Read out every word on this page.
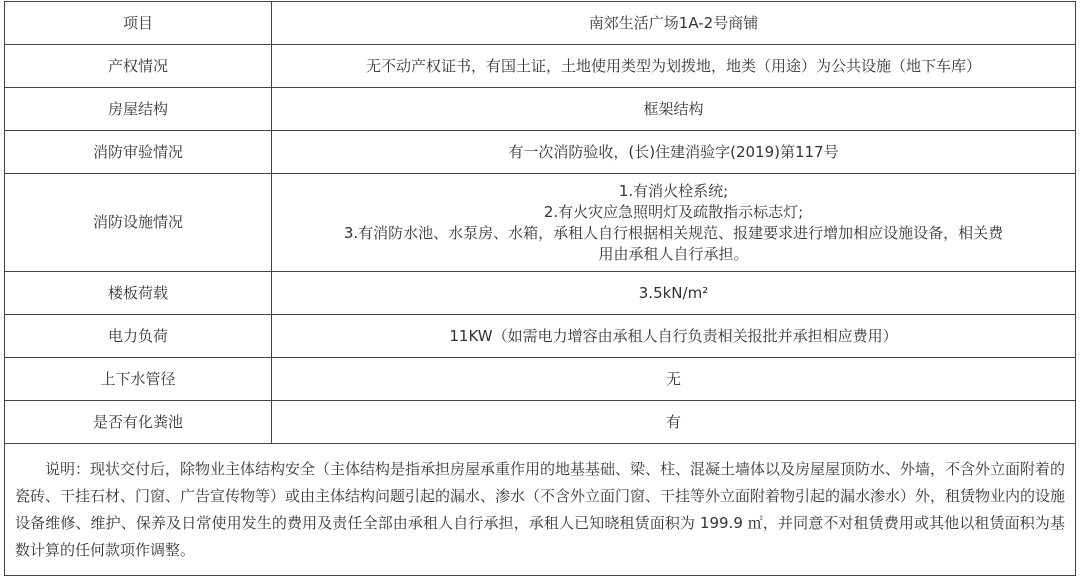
项目	南郊生活广场1A-2号商铺
产权情况	无不动产权证书，有国土证，土地使用类型为划拨地，地类（用途）为公共设施（地下车库）
房屋结构	框架结构
消防审验情况	有一次消防验收，(长)住建消验字(2019)第117号
消防设施情况	1.有消火栓系统;
2.有火灾应急照明灯及疏散指示标志灯;
3.有消防水池、水泵房、水箱，承租人自行根据相关规范、报建要求进行增加相应设施设备，相关费
用由承租人自行承担。

楼板荷载	3.5kN/m²
电力负荷	11KW（如需电力增容由承租人自行负责相关报批并承担相应费用）
上下水管径	无
是否有化粪池	有

说明：现状交付后，除物业主体结构安全（主体结构是指承担房屋承重作用的地基基础、梁、柱、混凝土墙体以及房屋屋顶防水、外墙，不含外立面附着的瓷砖、干挂石材、门窗、广告宣传物等）或由主体结构问题引起的漏水、渗水（不含外立面门窗、干挂等外立面附着物引起的漏水渗水）外，租赁物业内的设施设备维修、维护、保养及日常使用发生的费用及责任全部由承租人自行承担，承租人已知晓租赁面积为 199.9 ㎡，并同意不对租赁费用或其他以租赁面积为基数计算的任何款项作调整。	
